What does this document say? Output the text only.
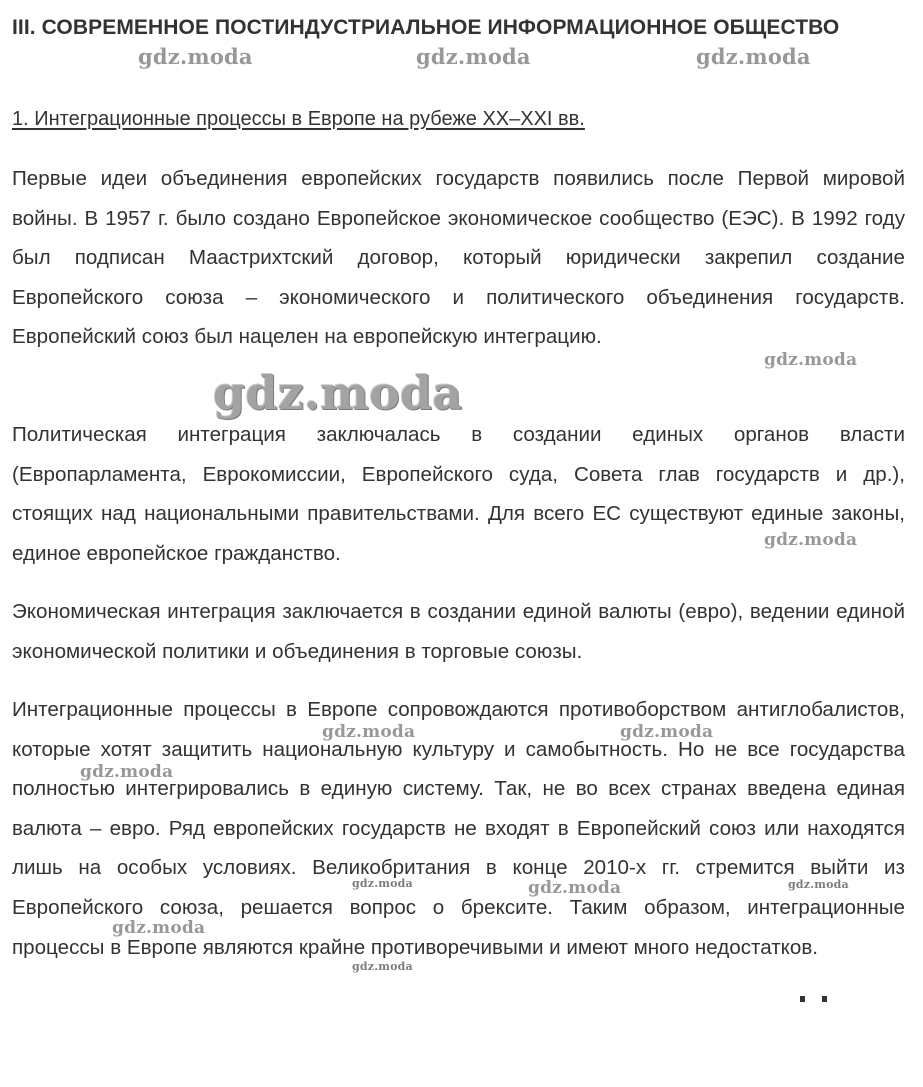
III. СОВРЕМЕННОЕ ПОСТИНДУСТРИАЛЬНОЕ ИНФОРМАЦИОННОЕ ОБЩЕСТВО
1. Интеграционные процессы в Европе на рубеже XX–XXI вв.

Первые идеи объединения европейских государств появились после Первой мировой войны. В 1957 г. было создано Европейское экономическое сообщество (ЕЭС). В 1992 году был подписан Маастрихтский договор, который юридически закрепил создание Европейского союза – экономического и политического объединения государств. Европейский союз был нацелен на европейскую интеграцию.

Политическая интеграция заключалась в создании единых органов власти (Европарламента, Еврокомиссии, Европейского суда, Совета глав государств и др.), стоящих над национальными правительствами. Для всего ЕС существуют единые законы, единое европейское гражданство.

Экономическая интеграция заключается в создании единой валюты (евро), ведении единой экономической политики и объединения в торговые союзы.

Интеграционные процессы в Европе сопровождаются противоборством антиглобалистов, которые хотят защитить национальную культуру и самобытность. Но не все государства полностью интегрировались в единую систему. Так, не во всех странах введена единая валюта – евро. Ряд европейских государств не входят в Европейский союз или находятся лишь на особых условиях. Великобритания в конце 2010-х гг. стремится выйти из Европейского союза, решается вопрос о брексите. Таким образом, интеграционные процессы в Европе являются крайне противоречивыми и имеют много недостатков.

gdz.moda	gdz.moda	gdz.moda
gdz.moda
gdz.moda
gdz.moda
gdz.moda	gdz.moda
gdz.moda
gdz.moda	gdz.moda	gdz.moda
gdz.moda
gdz.moda
